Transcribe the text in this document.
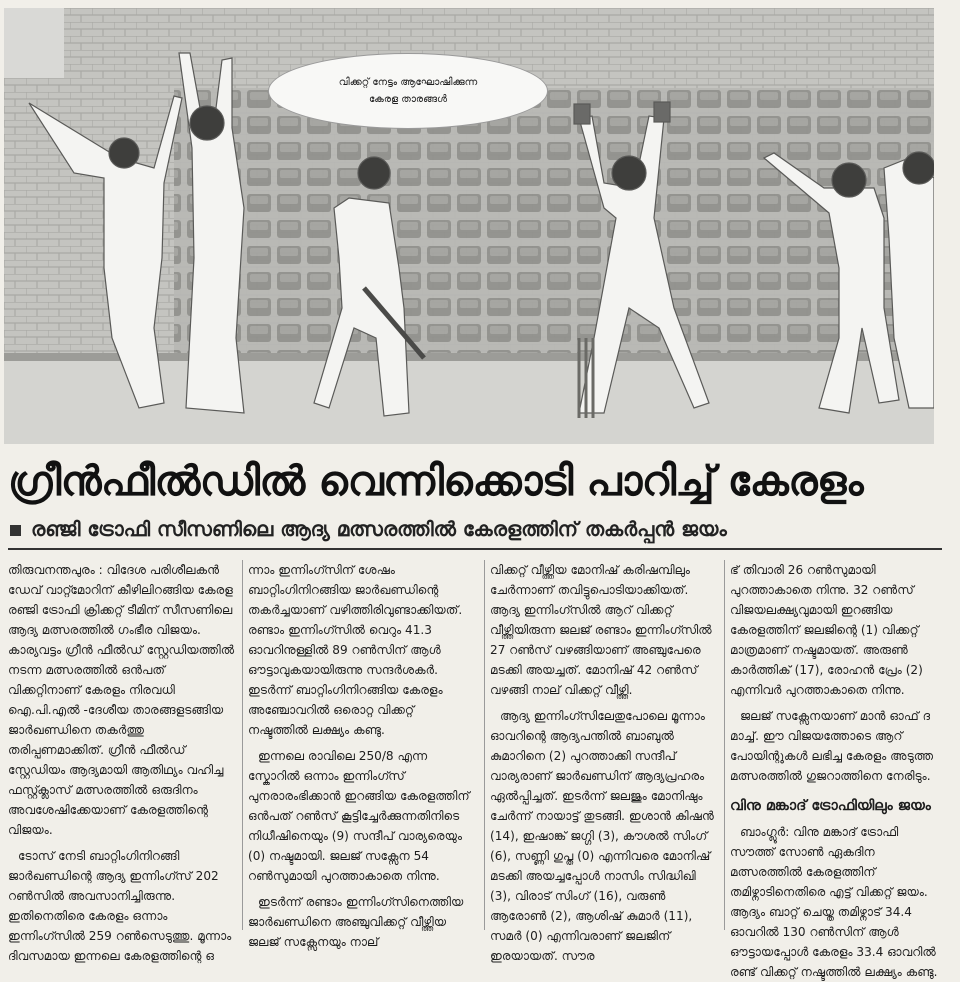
വിക്കറ്റ് നേട്ടം ആഘോഷിക്കുന്ന
കേരള താരങ്ങൾ
ഗ്രീൻഫീൽഡിൽ വെന്നിക്കൊടി പാറിച്ച് കേരളം
രഞ്ജി ട്രോഫി സീസണിലെ ആദ്യ മത്സരത്തിൽ കേരളത്തിന് തകർപ്പൻ ജയം

തിരുവനന്തപുരം : വിദേശ പരിശീലകൻ ഡേവ് വാറ്റ്മോറിന് കീഴിലിറങ്ങിയ കേരള രഞ്ജി ട്രോഫി ക്രിക്കറ്റ് ടീമിന് സീസണിലെ ആദ്യ മത്സരത്തിൽ ഗംഭീര വിജയം. കാര്യവട്ടം ഗ്രീൻ ഫീൽഡ് സ്റ്റേഡിയത്തിൽ നടന്ന മത്സരത്തിൽ ഒൻപത് വിക്കറ്റിനാണ് കേരളം നിരവധി ഐ.പി.എൽ -ദേശീയ താരങ്ങളടങ്ങിയ ജാർഖണ്ഡിനെ തകർത്തു തരിപ്പണമാക്കിത്. ഗ്രീൻ ഫീൽഡ് സ്റ്റേഡിയം ആദ്യമായി ആതിഥ്യം വഹിച്ച ഫസ്റ്റ്ക്ലാസ് മത്സരത്തിൽ ഒരുദിനം അവശേഷിക്കേയാണ് കേരളത്തിന്റെ വിജയം.

ടോസ് നേടി ബാറ്റിംഗിനിറങ്ങി ജാർഖണ്ഡിന്റെ ആദ്യ ഇന്നിംഗ്സ് 202 റൺസിൽ അവസാനിച്ചിരുന്നു. ഇതിനെതിരെ കേരളം ഒന്നാം ഇന്നിംഗ്സിൽ 259 റൺസെടുത്തു. മൂന്നാം ദിവസമായ ഇന്നലെ കേരളത്തിന്റെ ഒ

ന്നാം ഇന്നിംഗ്സിന് ശേഷം ബാറ്റിംഗിനിറങ്ങിയ ജാർഖണ്ഡിന്റെ തകർച്ചയാണ് വഴിത്തിരിവുണ്ടാക്കിയത്. രണ്ടാം ഇന്നിംഗ്സിൽ വെറും 41.3 ഓവറിനുള്ളിൽ 89 റൺസിന് ആൾ ഔട്ടാവുകയായിരുന്നു സന്ദർശകർ. ഇടർന്ന് ബാറ്റിംഗിനിറങ്ങിയ കേരളം അഞ്ചോവറിൽ ഒരൊറ്റ വിക്കറ്റ് നഷ്ടത്തിൽ ലക്ഷ്യം കണ്ടു.

ഇന്നലെ രാവിലെ 250/8 എന്ന സ്കോറിൽ ഒന്നാം ഇന്നിംഗ്സ് പുനരാരംഭിക്കാൻ ഇറങ്ങിയ കേരളത്തിന് ഒൻപത് റൺസ് കൂട്ടിച്ചേർക്കുന്നതിനിടെ നിധീഷിനെയും (9) സന്ദീപ് വാര്യരെയും (0) നഷ്ടമായി. ജലജ് സക്സേന 54 റൺസുമായി പുറത്താകാതെ നിന്നു.

ഇടർന്ന് രണ്ടാം ഇന്നിംഗ്സിനെത്തിയ ജാർഖണ്ഡിനെ അഞ്ചുവിക്കറ്റ് വീഴ്ത്തിയ ജലജ് സക്സേനയും നാല്

വിക്കറ്റ് വീഴ്ത്തിയ മോനിഷ് കരിഷമ്പിലും ചേർന്നാണ് തവിട്ടുപൊടിയാക്കിയത്. ആദ്യ ഇന്നിംഗ്സിൽ ആറ് വിക്കറ്റ് വീഴ്ത്തിയിരുന്ന ജലജ് രണ്ടാം ഇന്നിംഗ്സിൽ 27 റൺസ് വഴങ്ങിയാണ് അഞ്ചുപേരെ മടക്കി അയച്ചത്. മോനിഷ് 42 റൺസ് വഴങ്ങി നാല് വിക്കറ്റ് വീഴ്ത്തി.

ആദ്യ ഇന്നിംഗ്സിലേതുപോലെ മൂന്നാം ഓവറിന്റെ ആദ്യപന്തിൽ ബാബുൽ കുമാറിനെ (2) പുറത്താക്കി സന്ദീപ് വാര്യരാണ് ജാർഖണ്ഡിന് ആദ്യപ്രഹരം ഏൽപ്പിച്ചത്. ഇടർന്ന് ജലജും മോനിഷും ചേർന്ന് നായാട്ട് തുടങ്ങി. ഇശാൻ കിഷൻ (14), ഇഷാങ്ക് ജഗ്ഗി (3), കൗശൽ സിംഗ് (6), സണ്ണി ഗുപ്ത (0) എന്നിവരെ മോനിഷ് മടക്കി അയച്ചപ്പോൾ നാസിം സിദ്ധിഖി (3), വിരാട് സിംഗ് (16), വരുൺ ആരോൺ (2), ആശിഷ് കുമാർ (11), സമർ (0) എന്നിവരാണ് ജലജിന് ഇരയായത്. സൗര

ഭ് തിവാരി 26 റൺസുമായി പുറത്താകാതെ നിന്നു. 32 റൺസ് വിജയലക്ഷ്യവുമായി ഇറങ്ങിയ കേരളത്തിന് ജലജിന്റെ (1) വിക്കറ്റ് മാത്രമാണ് നഷ്ടമായത്. അരുൺ കാർത്തിക് (17), രോഹൻ പ്രേം (2) എന്നിവർ പുറത്താകാതെ നിന്നു.

ജലജ് സക്സേനയാണ് മാൻ ഓഫ് ദ മാച്ച്. ഈ വിജയത്തോടെ ആറ് പോയിന്റുകൾ ലഭിച്ച കേരളം അടുത്ത മത്സരത്തിൽ ഗുജറാത്തിനെ നേരിടും.

വിനു മങ്കാദ് ട്രോഫിയിലും ജയം

ബാംഗ്ലൂർ: വിനു മങ്കാദ് ട്രോഫി സൗത്ത് സോൺ ഏകദിന മത്സരത്തിൽ കേരളത്തിന് തമിഴ്നാടിനെതിരെ എട്ട് വിക്കറ്റ് ജയം. ആദ്യം ബാറ്റ് ചെയ്ത തമിഴ്നാട് 34.4 ഓവറിൽ 130 റൺസിന് ആൾ ഔട്ടായപ്പോൾ കേരളം 33.4 ഓവറിൽ രണ്ട് വിക്കറ്റ് നഷ്ടത്തിൽ ലക്ഷ്യം കണ്ടു.
